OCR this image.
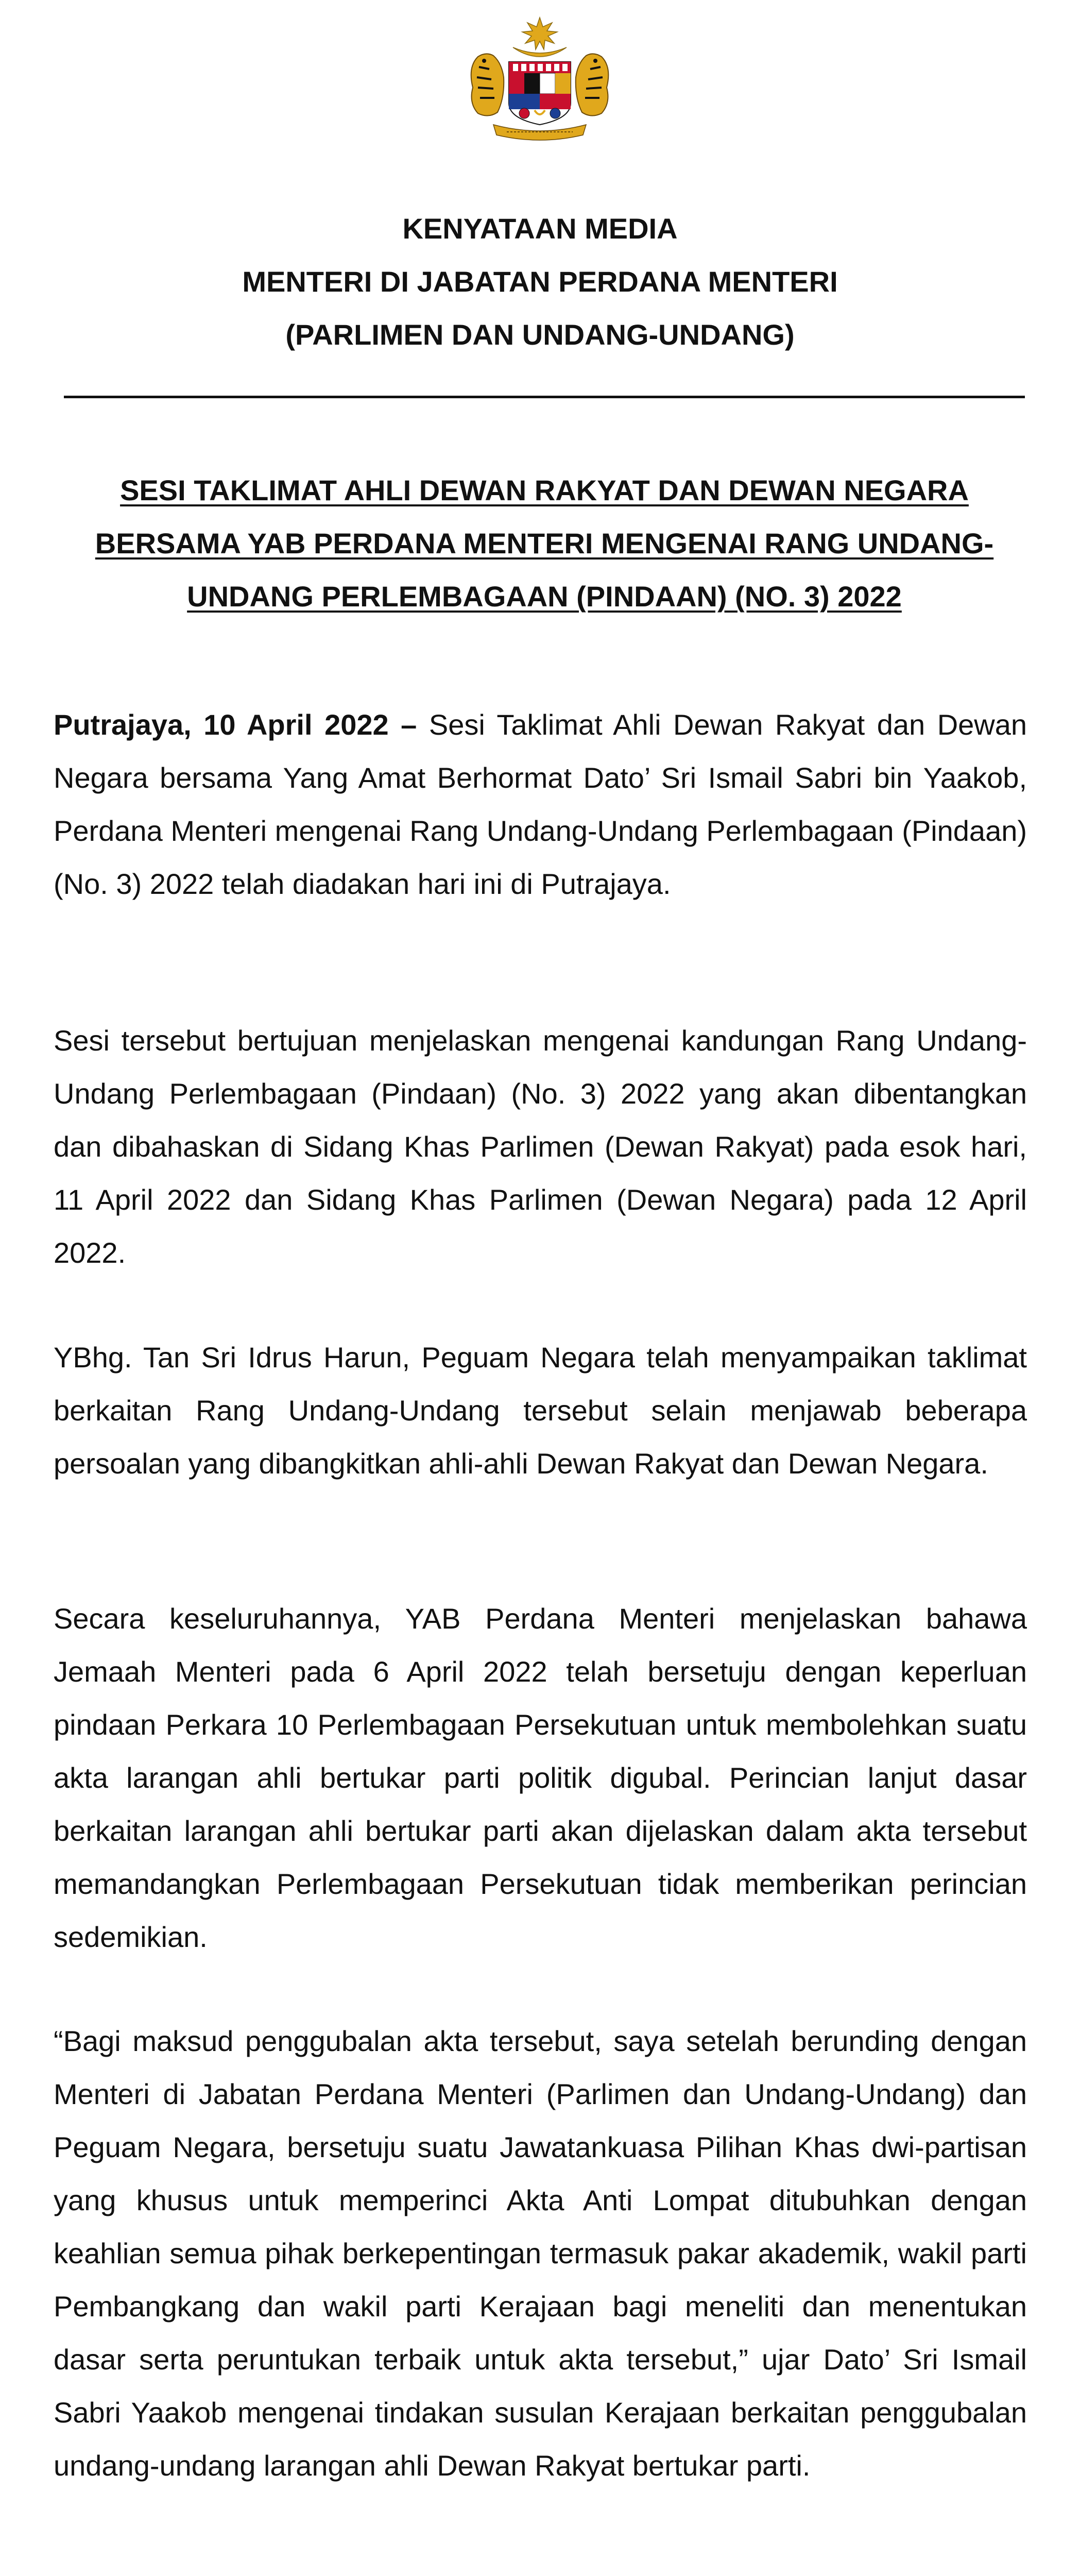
KENYATAAN MEDIA
MENTERI DI JABATAN PERDANA MENTERI
(PARLIMEN DAN UNDANG-UNDANG)
SESI TAKLIMAT AHLI DEWAN RAKYAT DAN DEWAN NEGARA
BERSAMA YAB PERDANA MENTERI MENGENAI RANG UNDANG-
UNDANG PERLEMBAGAAN (PINDAAN) (NO. 3) 2022

Putrajaya, 10 April 2022 – Sesi Taklimat Ahli Dewan Rakyat dan Dewan Negara bersama Yang Amat Berhormat Dato’ Sri Ismail Sabri bin Yaakob, Perdana Menteri mengenai Rang Undang-Undang Perlembagaan (Pindaan) (No. 3) 2022 telah diadakan hari ini di Putrajaya.

Sesi tersebut bertujuan menjelaskan mengenai kandungan Rang Undang-Undang Perlembagaan (Pindaan) (No. 3) 2022 yang akan dibentangkan dan dibahaskan di Sidang Khas Parlimen (Dewan Rakyat) pada esok hari, 11 April 2022 dan Sidang Khas Parlimen (Dewan Negara) pada 12 April 2022.

YBhg. Tan Sri Idrus Harun, Peguam Negara telah menyampaikan taklimat berkaitan Rang Undang-Undang tersebut selain menjawab beberapa persoalan yang dibangkitkan ahli-ahli Dewan Rakyat dan Dewan Negara.

Secara keseluruhannya, YAB Perdana Menteri menjelaskan bahawa Jemaah Menteri pada 6 April 2022 telah bersetuju dengan keperluan pindaan Perkara 10 Perlembagaan Persekutuan untuk membolehkan suatu akta larangan ahli bertukar parti politik digubal. Perincian lanjut dasar berkaitan larangan ahli bertukar parti akan dijelaskan dalam akta tersebut memandangkan Perlembagaan Persekutuan tidak memberikan perincian sedemikian.

“Bagi maksud penggubalan akta tersebut, saya setelah berunding dengan Menteri di Jabatan Perdana Menteri (Parlimen dan Undang-Undang) dan Peguam Negara, bersetuju suatu Jawatankuasa Pilihan Khas dwi-partisan yang khusus untuk memperinci Akta Anti Lompat ditubuhkan dengan keahlian semua pihak berkepentingan termasuk pakar akademik, wakil parti Pembangkang dan wakil parti Kerajaan bagi meneliti dan menentukan dasar serta peruntukan terbaik untuk akta tersebut,” ujar Dato’ Sri Ismail Sabri Yaakob mengenai tindakan susulan Kerajaan berkaitan penggubalan undang-undang larangan ahli Dewan Rakyat bertukar parti.
